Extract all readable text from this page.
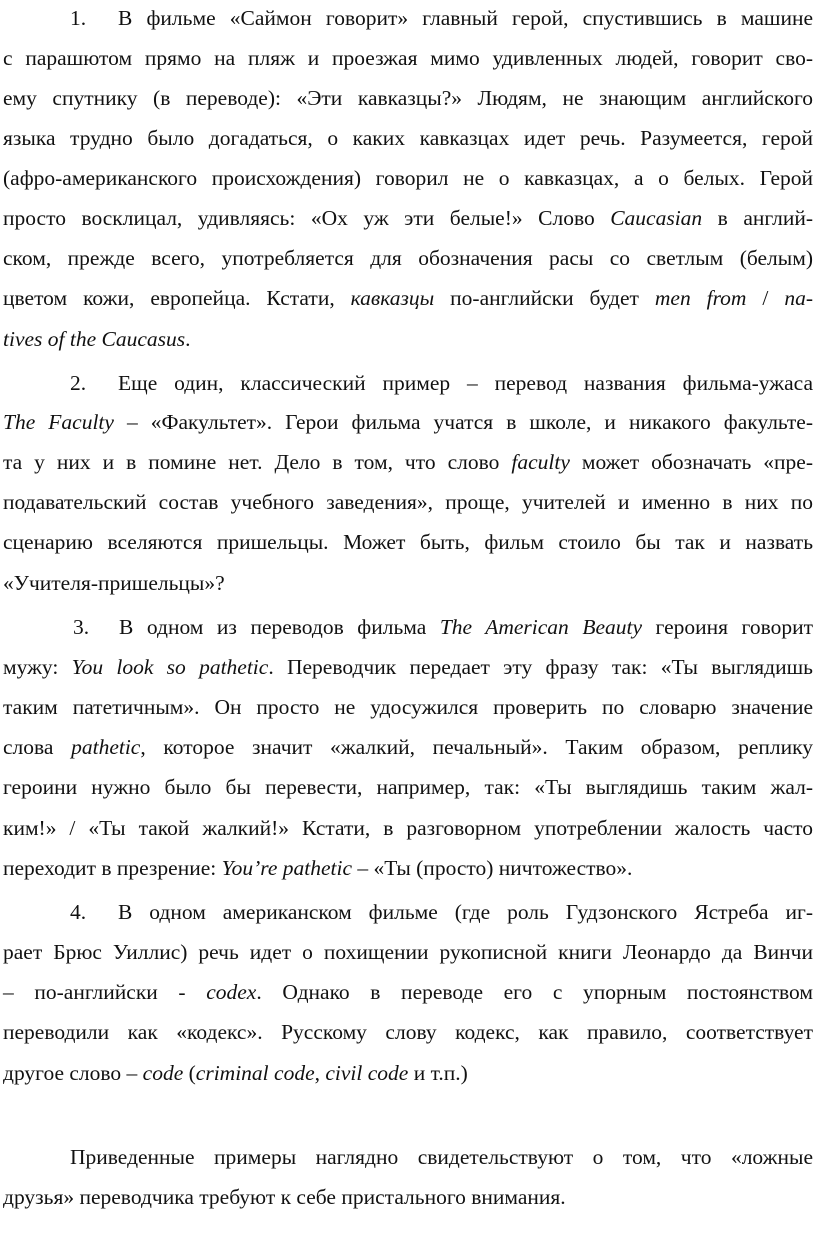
1. В фильме «Саймон говорит» главный герой, спустившись в машине
с парашютом прямо на пляж и проезжая мимо удивленных людей, говорит сво-
ему спутнику (в переводе): «Эти кавказцы?» Людям, не знающим английского
языка трудно было догадаться, о каких кавказцах идет речь. Разумеется, герой
(афро-американского происхождения) говорил не о кавказцах, а о белых. Герой
просто восклицал, удивляясь: «Ох уж эти белые!» Слово Caucasian в англий-
ском, прежде всего, употребляется для обозначения расы со светлым (белым)
цветом кожи, европейца. Кстати, кавказцы по-английски будет men from / na-
tives of the Caucasus.
2. Еще один, классический пример – перевод названия фильма-ужаса
The Faculty – «Факультет». Герои фильма учатся в школе, и никакого факульте-
та у них и в помине нет. Дело в том, что слово faculty может обозначать «пре-
подавательский состав учебного заведения», проще, учителей и именно в них по
сценарию вселяются пришельцы. Может быть, фильм стоило бы так и назвать
«Учителя-пришельцы»?
3. В одном из переводов фильма The American Beauty героиня говорит
мужу: You look so pathetic. Переводчик передает эту фразу так: «Ты выглядишь
таким патетичным». Он просто не удосужился проверить по словарю значение
слова pathetic, которое значит «жалкий, печальный». Таким образом, реплику
героини нужно было бы перевести, например, так: «Ты выглядишь таким жал-
ким!» / «Ты такой жалкий!» Кстати, в разговорном употреблении жалость часто
переходит в презрение: You’re pathetic – «Ты (просто) ничтожество».
4. В одном американском фильме (где роль Гудзонского Ястреба иг-
рает Брюс Уиллис) речь идет о похищении рукописной книги Леонардо да Винчи
– по-английски - codex. Однако в переводе его с упорным постоянством
переводили как «кодекс». Русскому слову кодекс, как правило, соответствует
другое слово – code (criminal code, civil code и т.п.)
Приведенные примеры наглядно свидетельствуют о том, что «ложные
друзья» переводчика требуют к себе пристального внимания.
